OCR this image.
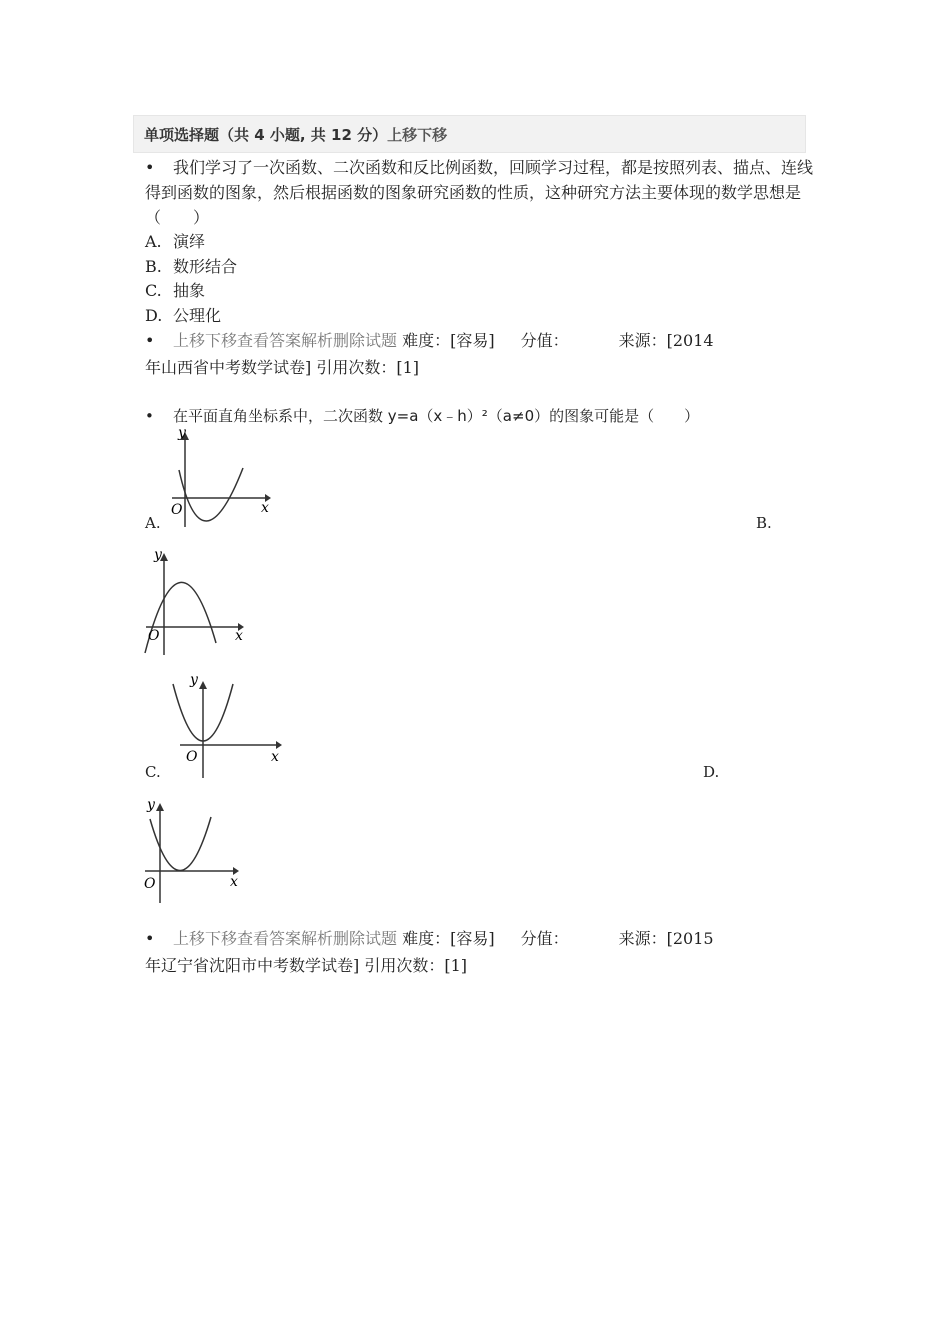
单项选择题（共 4 小题, 共 12 分）上移下移
• 我们学习了一次函数、二次函数和反比例函数，回顾学习过程，都是按照列表、描点、连线得到函数的图象，然后根据函数的图象研究函数的性质，这种研究方法主要体现的数学思想是（　　）
A. 演绎
B. 数形结合
C. 抽象
D. 公理化
• 上移下移查看答案解析删除试题 难度：[容易] 分值：	来源：[2014
年山西省中考数学试卷] 引用次数：[1]
• 在平面直角坐标系中，二次函数 y=a（x﹣h）²（a≠0）的图象可能是（　　）
A.
y
x
O
B.
y
x
O
C.
y
x
O
D.
y
x
O
• 上移下移查看答案解析删除试题 难度：[容易] 分值：	来源：[2015
年辽宁省沈阳市中考数学试卷] 引用次数：[1]
